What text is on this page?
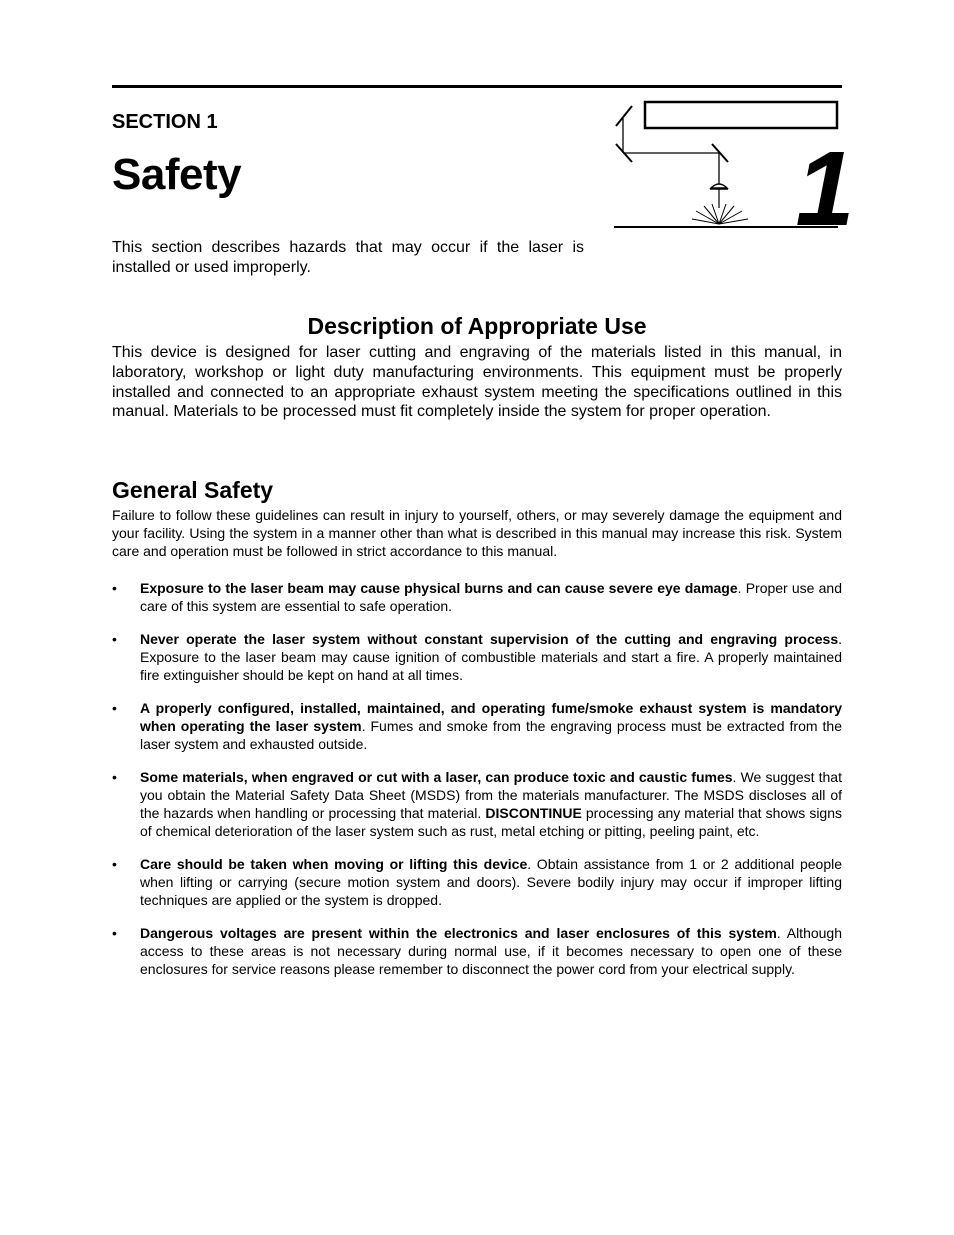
SECTION 1
Safety
This section describes hazards that may occur if the laser is installed or used improperly.
1
Description of Appropriate Use
This device is designed for laser cutting and engraving of the materials listed in this manual, in laboratory, workshop or light duty manufacturing environments. This equipment must be properly installed and connected to an appropriate exhaust system meeting the specifications outlined in this manual. Materials to be processed must fit completely inside the system for proper operation.
General Safety
Failure to follow these guidelines can result in injury to yourself, others, or may severely damage the equipment and your facility. Using the system in a manner other than what is described in this manual may increase this risk. System care and operation must be followed in strict accordance to this manual.
• Exposure to the laser beam may cause physical burns and can cause severe eye damage. Proper use and care of this system are essential to safe operation.
• Never operate the laser system without constant supervision of the cutting and engraving process. Exposure to the laser beam may cause ignition of combustible materials and start a fire. A properly maintained fire extinguisher should be kept on hand at all times.
• A properly configured, installed, maintained, and operating fume/smoke exhaust system is mandatory when operating the laser system. Fumes and smoke from the engraving process must be extracted from the laser system and exhausted outside.
• Some materials, when engraved or cut with a laser, can produce toxic and caustic fumes. We suggest that you obtain the Material Safety Data Sheet (MSDS) from the materials manufacturer. The MSDS discloses all of the hazards when handling or processing that material. DISCONTINUE processing any material that shows signs of chemical deterioration of the laser system such as rust, metal etching or pitting, peeling paint, etc.
• Care should be taken when moving or lifting this device. Obtain assistance from 1 or 2 additional people when lifting or carrying (secure motion system and doors). Severe bodily injury may occur if improper lifting techniques are applied or the system is dropped.
• Dangerous voltages are present within the electronics and laser enclosures of this system. Although access to these areas is not necessary during normal use, if it becomes necessary to open one of these enclosures for service reasons please remember to disconnect the power cord from your electrical supply.
